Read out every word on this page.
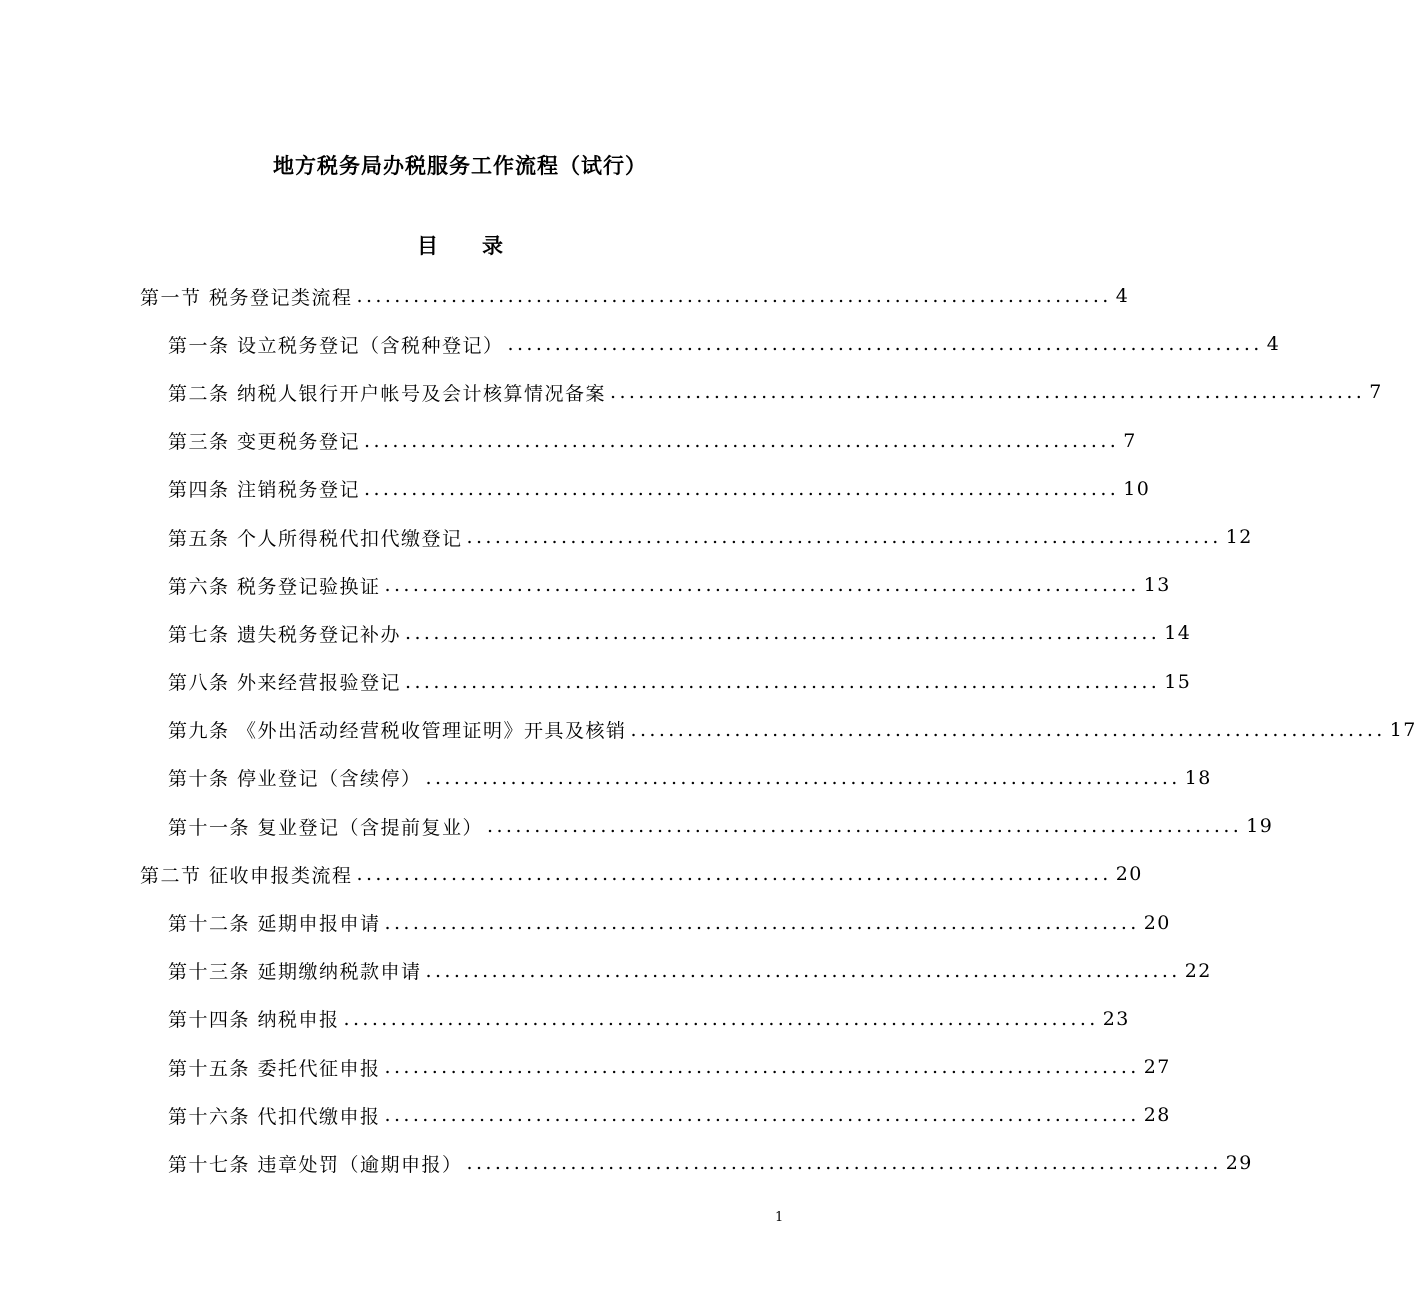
地方税务局办税服务工作流程（试行）
目录
第一节 税务登记类流程 ................................................................................ 4
第一条 设立税务登记（含税种登记） ................................................................................ 4
第二条 纳税人银行开户帐号及会计核算情况备案 ................................................................................ 7
第三条 变更税务登记 ................................................................................ 7
第四条 注销税务登记 ................................................................................ 10
第五条 个人所得税代扣代缴登记 ................................................................................ 12
第六条 税务登记验换证 ................................................................................ 13
第七条 遗失税务登记补办 ................................................................................ 14
第八条 外来经营报验登记 ................................................................................ 15
第九条 《外出活动经营税收管理证明》开具及核销 ................................................................................ 17
第十条 停业登记（含续停） ................................................................................ 18
第十一条 复业登记（含提前复业） ................................................................................ 19
第二节 征收申报类流程 ................................................................................ 20
第十二条 延期申报申请 ................................................................................ 20
第十三条 延期缴纳税款申请 ................................................................................ 22
第十四条 纳税申报 ................................................................................ 23
第十五条 委托代征申报 ................................................................................ 27
第十六条 代扣代缴申报 ................................................................................ 28
第十七条 违章处罚（逾期申报） ................................................................................ 29
1
